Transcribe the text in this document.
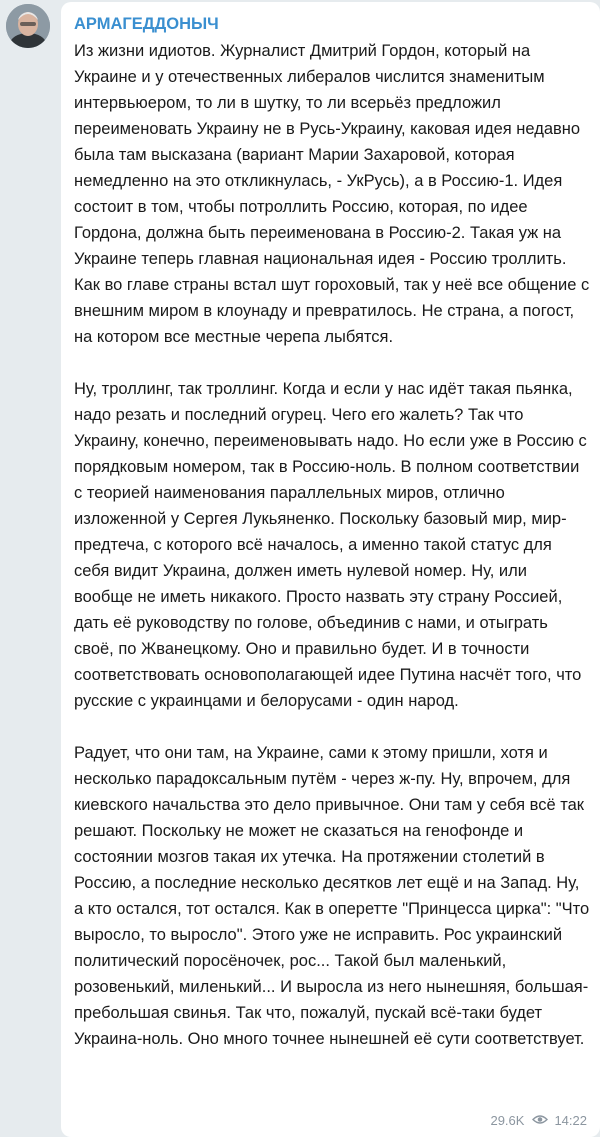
АРМАГЕДДОНЫЧ

Из жизни идиотов. Журналист Дмитрий Гордон, который на Украине и у отечественных либералов числится знаменитым интервьюером, то ли в шутку, то ли всерьёз предложил переименовать Украину не в Русь-Украину, каковая идея недавно была там высказана (вариант Марии Захаровой, которая немедленно на это откликнулась, - УкРусь), а в Россию-1. Идея состоит в том, чтобы потроллить Россию, которая, по идее Гордона, должна быть переименована в Россию-2. Такая уж на Украине теперь главная национальная идея - Россию троллить. Как во главе страны встал шут гороховый, так у неё все общение с внешним миром в клоунаду и превратилось. Не страна, а погост, на котором все местные черепа лыбятся.

Ну, троллинг, так троллинг. Когда и если у нас идёт такая пьянка, надо резать и последний огурец. Чего его жалеть? Так что Украину, конечно, переименовывать надо. Но если уже в Россию с порядковым номером, так в Россию-ноль. В полном соответствии с теорией наименования параллельных миров, отлично изложенной у Сергея Лукьяненко. Поскольку базовый мир, мир-предтеча, с которого всё началось, а именно такой статус для себя видит Украина, должен иметь нулевой номер. Ну, или вообще не иметь никакого. Просто назвать эту страну Россией, дать её руководству по голове, объединив с нами, и отыграть своё, по Жванецкому. Оно и правильно будет. И в точности соответствовать основополагающей идее Путина насчёт того, что русские с украинцами и белорусами - один народ.

Радует, что они там, на Украине, сами к этому пришли, хотя и несколько парадоксальным путём - через ж-пу. Ну, впрочем, для киевского начальства это дело привычное. Они там у себя всё так решают. Поскольку не может не сказаться на генофонде и состоянии мозгов такая их утечка. На протяжении столетий в Россию, а последние несколько десятков лет ещё и на Запад. Ну, а кто остался, тот остался. Как в оперетте "Принцесса цирка": "Что выросло, то выросло". Этого уже не исправить. Рос украинский политический поросёночек, рос... Такой был маленький, розовенький, миленький... И выросла из него нынешняя, большая-пребольшая свинья. Так что, пожалуй, пускай всё-таки будет Украина-ноль. Оно много точнее нынешней её сути соответствует.

29.6K 14:22
